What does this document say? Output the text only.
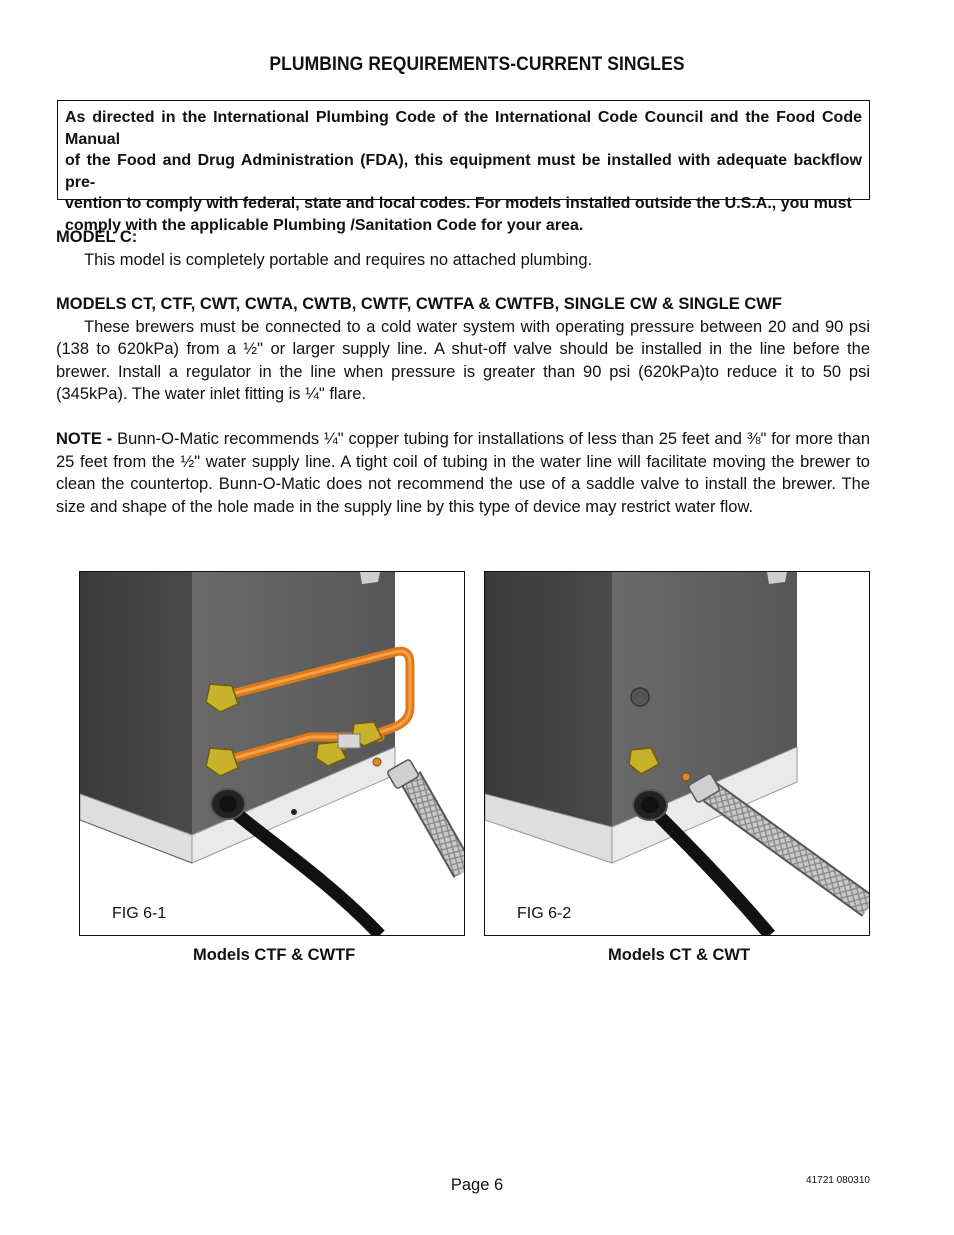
PLUMBING REQUIREMENTS-CURRENT SINGLES
As directed in the International Plumbing Code of the International Code Council and the Food Code Manual
of the Food and Drug Administration (FDA), this equipment must be installed with adequate backflow pre-
vention to comply with federal, state and local codes. For models installed outside the U.S.A., you must
comply with the applicable Plumbing /Sanitation Code for your area.
MODEL C:
This model is completely portable and requires no attached plumbing.
MODELS CT, CTF, CWT, CWTA, CWTB, CWTF, CWTFA & CWTFB, SINGLE CW & SINGLE CWF
These brewers must be connected to a cold water system with operating pressure between 20 and 90 psi (138 to 620kPa) from a ½" or larger supply line. A shut-off valve should be installed in the line before the brewer. Install a regulator in the line when pressure is greater than 90 psi (620kPa)to reduce it to 50 psi (345kPa). The water inlet fitting is ¼" flare.
NOTE - Bunn-O-Matic recommends ¼" copper tubing for installations of less than 25 feet and ⅜" for more than 25 feet from the ½" water supply line. A tight coil of tubing in the water line will facilitate moving the brewer to clean the countertop. Bunn-O-Matic does not recommend the use of a saddle valve to install the brewer. The size and shape of the hole made in the supply line by this type of device may restrict water flow.
FIG 6-1
Models CTF & CWTF
FIG 6-2
Models CT & CWT
Page 6	41721 080310
